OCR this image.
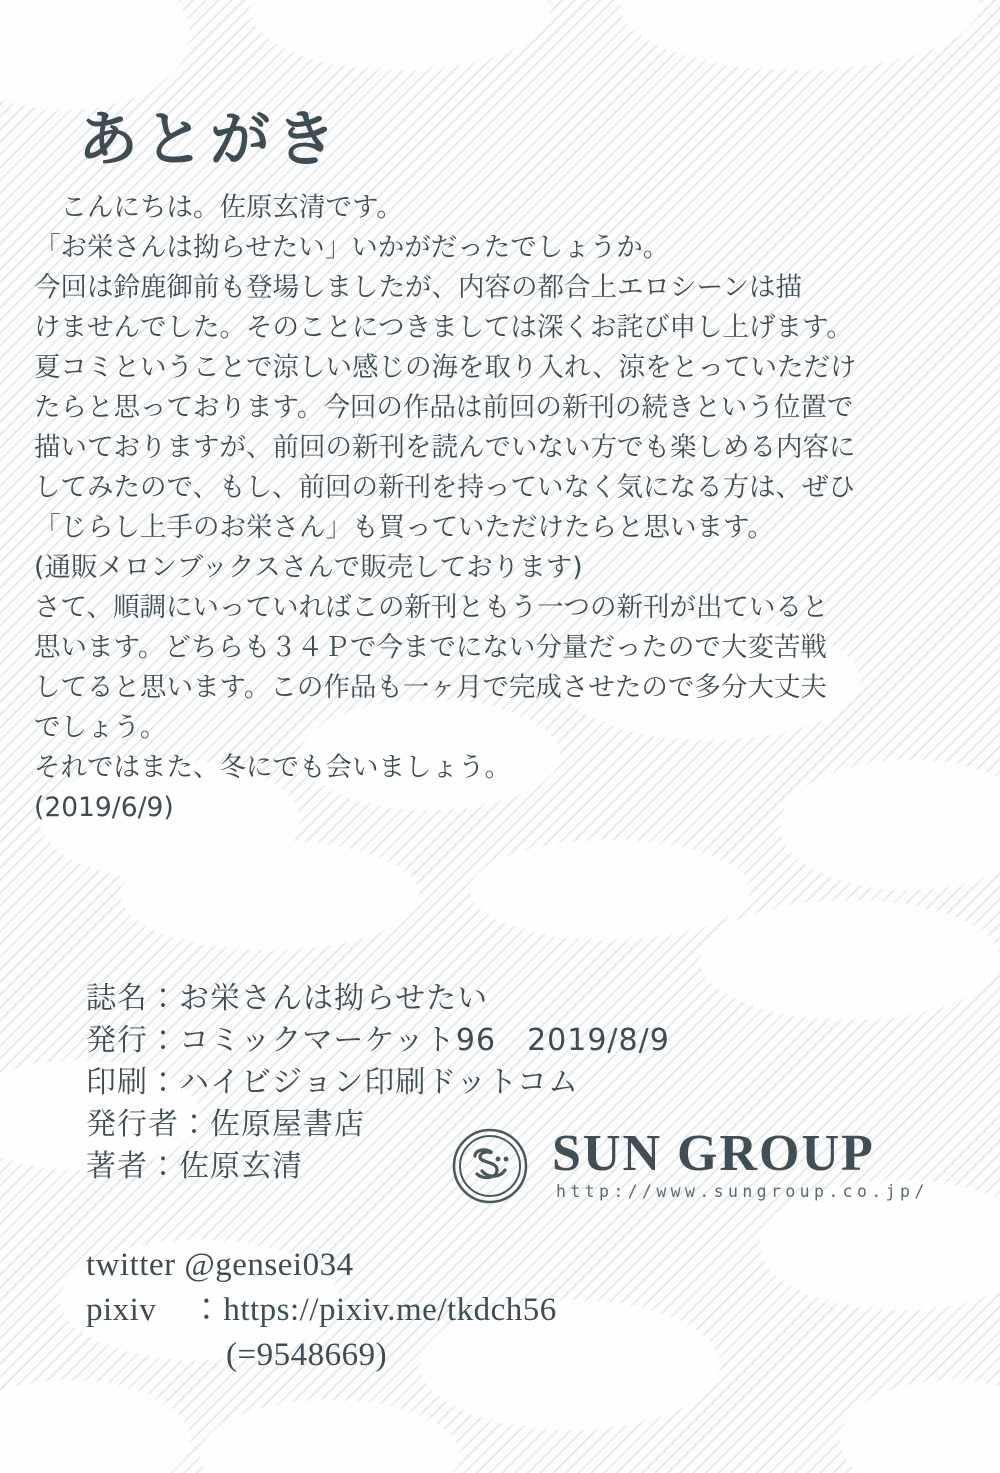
あとがき

　こんにちは。佐原玄清です。

「お栄さんは拗らせたい」いかがだったでしょうか。

今回は鈴鹿御前も登場しましたが、内容の都合上エロシーンは描

けませんでした。そのことにつきましては深くお詫び申し上げます。

夏コミということで涼しい感じの海を取り入れ、涼をとっていただけ

たらと思っております。今回の作品は前回の新刊の続きという位置で

描いておりますが、前回の新刊を読んでいない方でも楽しめる内容に

してみたので、もし、前回の新刊を持っていなく気になる方は、ぜひ

「じらし上手のお栄さん」も買っていただけたらと思います。

(通販メロンブックスさんで販売しております)

さて、順調にいっていればこの新刊ともう一つの新刊が出ていると

思います。どちらも３４Ｐで今までにない分量だったので大変苦戦

してると思います。この作品も一ヶ月で完成させたので多分大丈夫

でしょう。

それではまた、冬にでも会いましょう。

(2019/6/9)

誌名：お栄さんは拗らせたい
発行：コミックマーケット96　2019/8/9
印刷：ハイビジョン印刷ドットコム
発行者：佐原屋書店
著者：佐原玄清	SUN GROUP
http://www.sungroup.co.jp/
twitter @gensei034
pixiv　：https://pixiv.me/tkdch56
(=9548669)
